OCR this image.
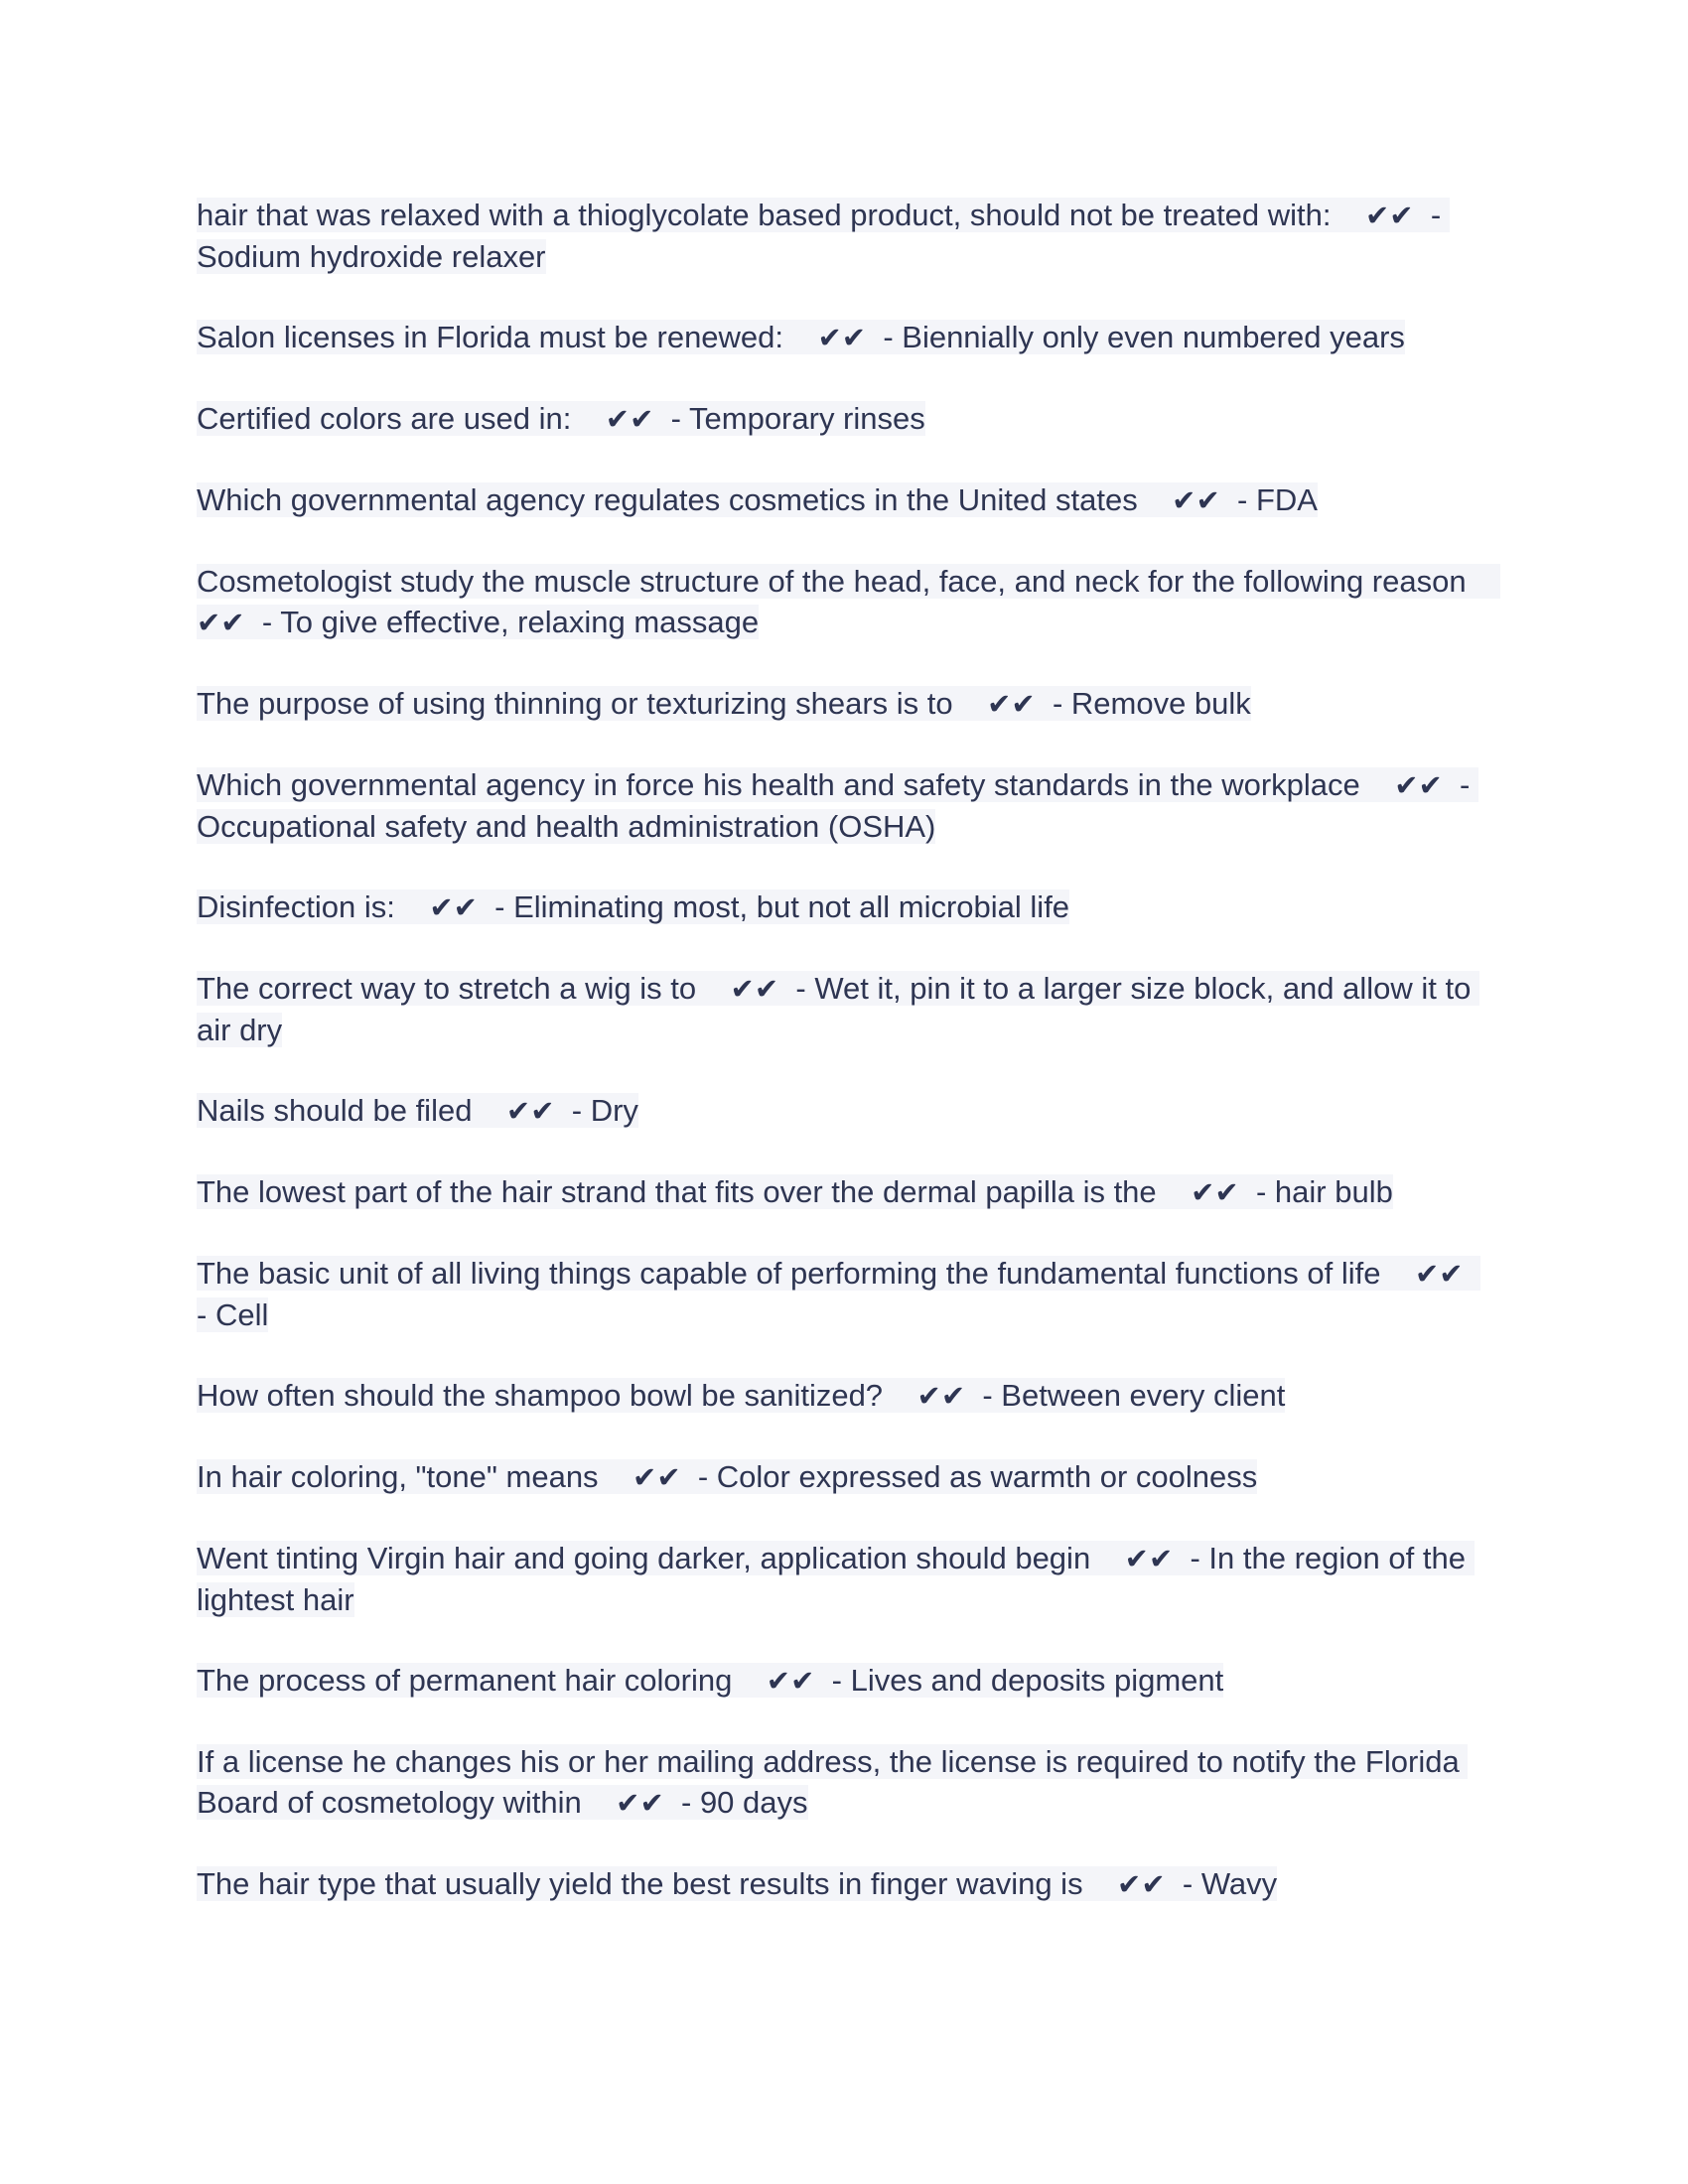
hair that was relaxed with a thioglycolate based product, should not be treated with: ✔✔  - Sodium hydroxide relaxer
Salon licenses in Florida must be renewed: ✔✔  - Biennially only even numbered years
Certified colors are used in: ✔✔  - Temporary rinses
Which governmental agency regulates cosmetics in the United states ✔✔  - FDA
Cosmetologist study the muscle structure of the head, face, and neck for the following reason    ✔✔  - To give effective, relaxing massage
The purpose of using thinning or texturizing shears is to ✔✔  - Remove bulk
Which governmental agency in force his health and safety standards in the workplace ✔✔  - Occupational safety and health administration (OSHA)
Disinfection is: ✔✔  - Eliminating most, but not all microbial life
The correct way to stretch a wig is to ✔✔  - Wet it, pin it to a larger size block, and allow it to air dry
Nails should be filed ✔✔  - Dry
The lowest part of the hair strand that fits over the dermal papilla is the ✔✔  - hair bulb
The basic unit of all living things capable of performing the fundamental functions of life ✔✔  - Cell
How often should the shampoo bowl be sanitized? ✔✔  - Between every client
In hair coloring, "tone" means ✔✔  - Color expressed as warmth or coolness
Went tinting Virgin hair and going darker, application should begin ✔✔  - In the region of the lightest hair
The process of permanent hair coloring ✔✔  - Lives and deposits pigment
If a license he changes his or her mailing address, the license is required to notify the Florida Board of cosmetology within ✔✔  - 90 days
The hair type that usually yield the best results in finger waving is ✔✔  - Wavy
